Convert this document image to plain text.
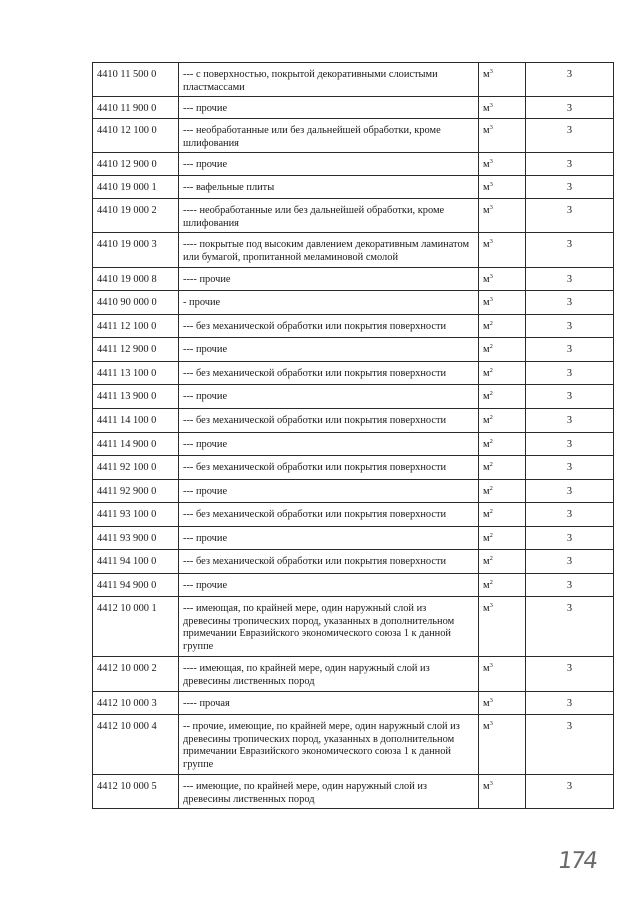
4410 11 500 0	--- с поверхностью, покрытой декоративными слоистыми пластмассами	$м^3$	3
4410 11 900 0	--- прочие	$м^3$	3
4410 12 100 0	--- необработанные или без дальнейшей обработки, кроме шлифования	$м^3$	3
4410 12 900 0	--- прочие	$м^3$	3
4410 19 000 1	--- вафельные плиты	$м^3$	3
4410 19 000 2	---- необработанные или без дальнейшей обработки, кроме шлифования	$м^3$	3
4410 19 000 3	---- покрытые под высоким давлением декоративным ламинатом или бумагой, пропитанной меламиновой смолой	$м^3$	3
4410 19 000 8	---- прочие	$м^3$	3
4410 90 000 0	- прочие	$м^3$	3
4411 12 100 0	--- без механической обработки или покрытия поверхности	$м^2$	3
4411 12 900 0	--- прочие	$м^2$	3
4411 13 100 0	--- без механической обработки или покрытия поверхности	$м^2$	3
4411 13 900 0	--- прочие	$м^2$	3
4411 14 100 0	--- без механической обработки или покрытия поверхности	$м^2$	3
4411 14 900 0	--- прочие	$м^2$	3
4411 92 100 0	--- без механической обработки или покрытия поверхности	$м^2$	3
4411 92 900 0	--- прочие	$м^2$	3
4411 93 100 0	--- без механической обработки или покрытия поверхности	$м^2$	3
4411 93 900 0	--- прочие	$м^2$	3
4411 94 100 0	--- без механической обработки или покрытия поверхности	$м^2$	3
4411 94 900 0	--- прочие	$м^2$	3
4412 10 000 1	--- имеющая, по крайней мере, один наружный слой из древесины тропических пород, указанных в дополнительном примечании Евразийского экономического союза 1 к данной группе	$м^3$	3
4412 10 000 2	---- имеющая, по крайней мере, один наружный слой из древесины лиственных пород	$м^3$	3
4412 10 000 3	---- прочая	$м^3$	3
4412 10 000 4	-- прочие, имеющие, по крайней мере, один наружный слой из древесины тропических пород, указанных в дополнительном примечании Евразийского экономического союза 1 к данной группе	$м^3$	3
4412 10 000 5	--- имеющие, по крайней мере, один наружный слой из древесины лиственных пород	$м^3$	3
174
